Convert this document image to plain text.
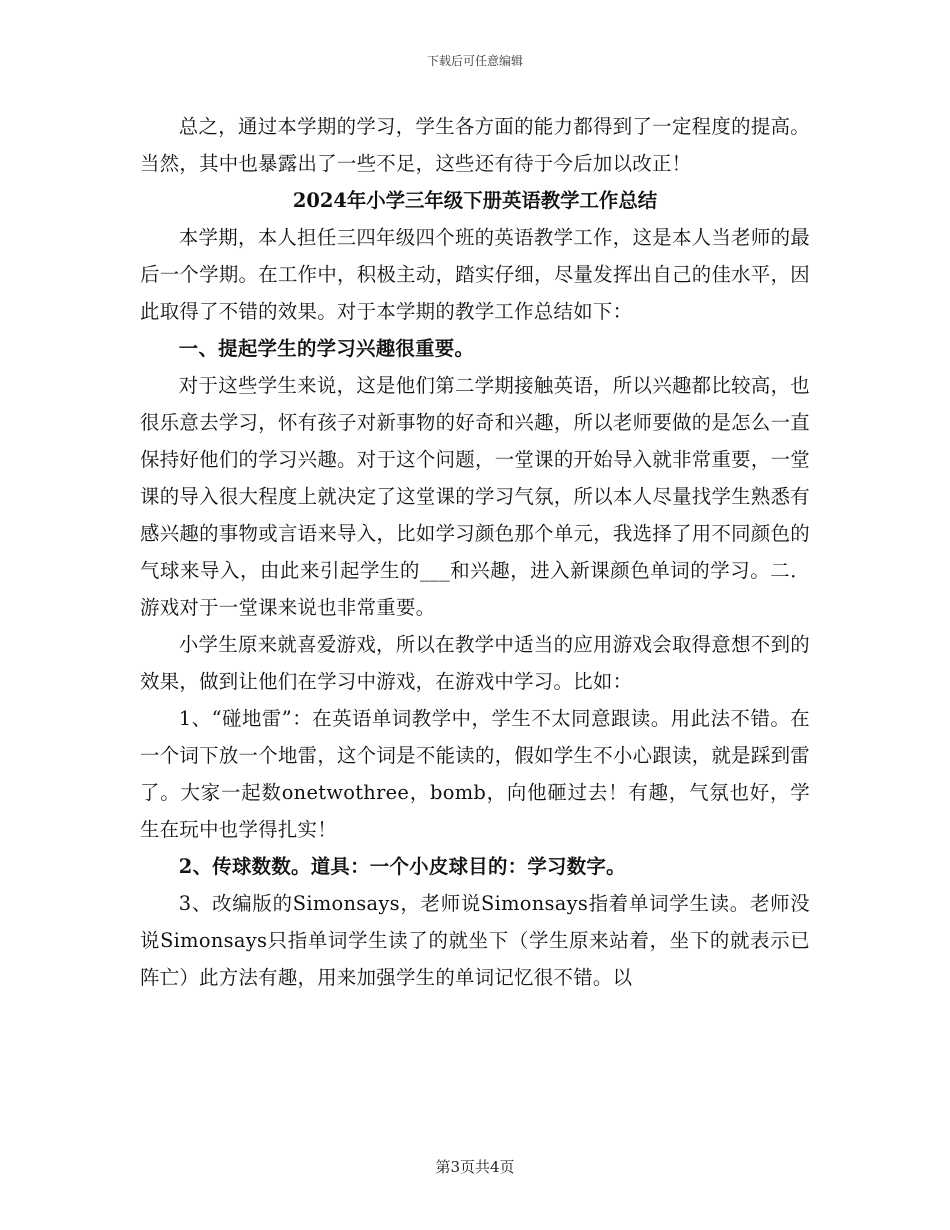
下载后可任意编辑

总之，通过本学期的学习，学生各方面的能力都得到了一定程度的提高。当然，其中也暴露出了一些不足，这些还有待于今后加以改正！

2024年小学三年级下册英语教学工作总结

本学期，本人担任三四年级四个班的英语教学工作，这是本人当老师的最后一个学期。在工作中，积极主动，踏实仔细，尽量发挥出自己的佳水平，因此取得了不错的效果。对于本学期的教学工作总结如下：

一、提起学生的学习兴趣很重要。

对于这些学生来说，这是他们第二学期接触英语，所以兴趣都比较高，也很乐意去学习，怀有孩子对新事物的好奇和兴趣，所以老师要做的是怎么一直保持好他们的学习兴趣。对于这个问题，一堂课的开始导入就非常重要，一堂课的导入很大程度上就决定了这堂课的学习气氛，所以本人尽量找学生熟悉有感兴趣的事物或言语来导入，比如学习颜色那个单元，我选择了用不同颜色的气球来导入，由此来引起学生的___和兴趣，进入新课颜色单词的学习。二．游戏对于一堂课来说也非常重要。

小学生原来就喜爱游戏，所以在教学中适当的应用游戏会取得意想不到的效果，做到让他们在学习中游戏，在游戏中学习。比如：

1、“碰地雷”：在英语单词教学中，学生不太同意跟读。用此法不错。在一个词下放一个地雷，这个词是不能读的，假如学生不小心跟读，就是踩到雷了。大家一起数onetwothree，bomb，向他砸过去！有趣，气氛也好，学生在玩中也学得扎实！

2、传球数数。道具：一个小皮球目的：学习数字。

3、改编版的Simonsays，老师说Simonsays指着单词学生读。老师没说Simonsays只指单词学生读了的就坐下（学生原来站着，坐下的就表示已阵亡）此方法有趣，用来加强学生的单词记忆很不错。以

第3页共4页
